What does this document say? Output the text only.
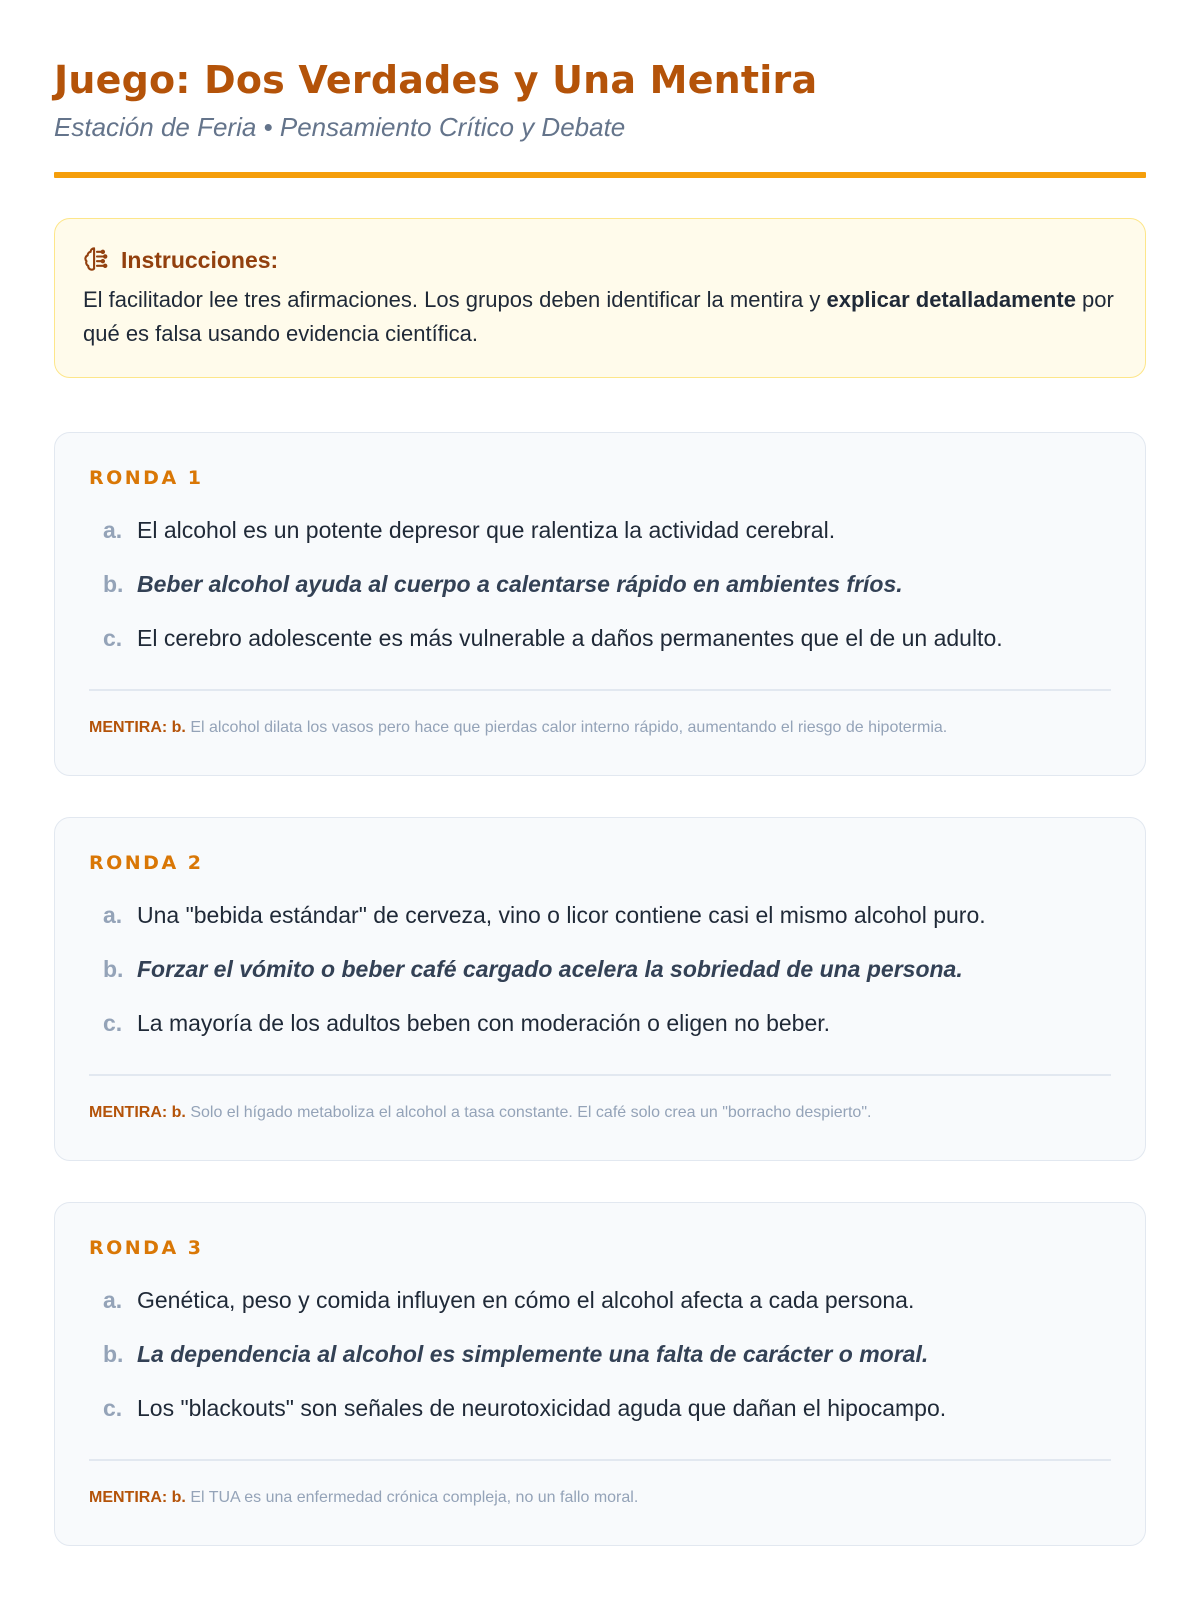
Juego: Dos Verdades y Una Mentira
Estación de Feria • Pensamiento Crítico y Debate
Instrucciones:

El facilitador lee tres afirmaciones. Los grupos deben identificar la mentira y explicar detalladamente por qué es falsa usando evidencia científica.

RONDA 1
a. El alcohol es un potente depresor que ralentiza la actividad cerebral.
b. Beber alcohol ayuda al cuerpo a calentarse rápido en ambientes fríos.
c. El cerebro adolescente es más vulnerable a daños permanentes que el de un adulto.

MENTIRA: b. El alcohol dilata los vasos pero hace que pierdas calor interno rápido, aumentando el riesgo de hipotermia.

RONDA 2
a. Una "bebida estándar" de cerveza, vino o licor contiene casi el mismo alcohol puro.
b. Forzar el vómito o beber café cargado acelera la sobriedad de una persona.
c. La mayoría de los adultos beben con moderación o eligen no beber.

MENTIRA: b. Solo el hígado metaboliza el alcohol a tasa constante. El café solo crea un "borracho despierto".

RONDA 3
a. Genética, peso y comida influyen en cómo el alcohol afecta a cada persona.
b. La dependencia al alcohol es simplemente una falta de carácter o moral.
c. Los "blackouts" son señales de neurotoxicidad aguda que dañan el hipocampo.

MENTIRA: b. El TUA es una enfermedad crónica compleja, no un fallo moral.
